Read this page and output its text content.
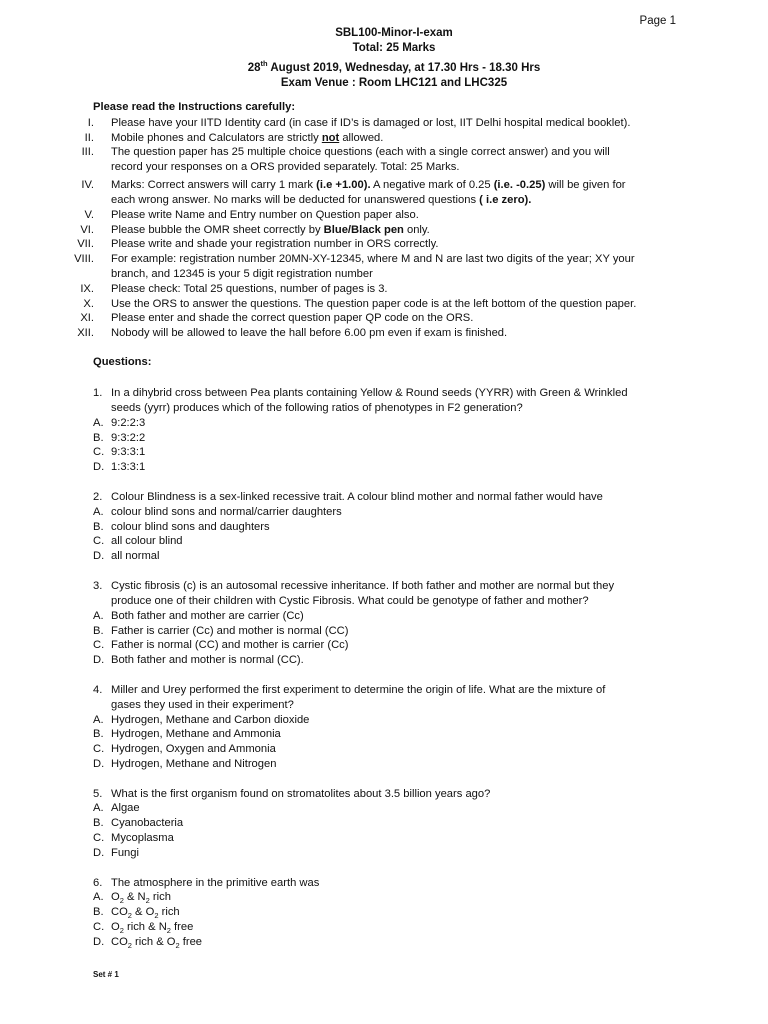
Page 1
SBL100-Minor-I-exam
Total: 25 Marks
28th August 2019, Wednesday, at 17.30 Hrs - 18.30 Hrs
Exam Venue : Room LHC121 and LHC325
Please read the Instructions carefully:
I. Please have your IITD Identity card (in case if ID’s is damaged or lost, IIT Delhi hospital medical booklet).
II. Mobile phones and Calculators are strictly not allowed.
III. The question paper has 25 multiple choice questions (each with a single correct answer) and you will
record your responses on a ORS provided separately. Total: 25 Marks.
IV. Marks: Correct answers will carry 1 mark (i.e +1.00). A negative mark of 0.25 (i.e. -0.25) will be given for
each wrong answer. No marks will be deducted for unanswered questions ( i.e zero).
V. Please write Name and Entry number on Question paper also.
VI. Please bubble the OMR sheet correctly by Blue/Black pen only.
VII. Please write and shade your registration number in ORS correctly.
VIII. For example: registration number 20MN-XY-12345, where M and N are last two digits of the year; XY your
branch, and 12345 is your 5 digit registration number
IX. Please check: Total 25 questions, number of pages is 3.
X. Use the ORS to answer the questions. The question paper code is at the left bottom of the question paper.
XI. Please enter and shade the correct question paper QP code on the ORS.
XII. Nobody will be allowed to leave the hall before 6.00 pm even if exam is finished.
Questions:
1. In a dihybrid cross between Pea plants containing Yellow & Round seeds (YYRR) with Green & Wrinkled
seeds (yyrr) produces which of the following ratios of phenotypes in F2 generation?
A. 9:2:2:3
B. 9:3:2:2
C. 9:3:3:1
D. 1:3:3:1
2. Colour Blindness is a sex-linked recessive trait. A colour blind mother and normal father would have
A. colour blind sons and normal/carrier daughters
B. colour blind sons and daughters
C. all colour blind
D. all normal
3. Cystic fibrosis (c) is an autosomal recessive inheritance. If both father and mother are normal but they
produce one of their children with Cystic Fibrosis. What could be genotype of father and mother?
A. Both father and mother are carrier (Cc)
B. Father is carrier (Cc) and mother is normal (CC)
C. Father is normal (CC) and mother is carrier (Cc)
D. Both father and mother is normal (CC).
4. Miller and Urey performed the first experiment to determine the origin of life. What are the mixture of
gases they used in their experiment?
A. Hydrogen, Methane and Carbon dioxide
B. Hydrogen, Methane and Ammonia
C. Hydrogen, Oxygen and Ammonia
D. Hydrogen, Methane and Nitrogen
5. What is the first organism found on stromatolites about 3.5 billion years ago?
A. Algae
B. Cyanobacteria
C. Mycoplasma
D. Fungi
6. The atmosphere in the primitive earth was
A. $O_2$ & $N_2$ rich
B. $CO_2$ & $O_2$ rich
C. $O_2$ rich & $N_2$ free
D. $CO_2$ rich & $O_2$ free
Set # 1
